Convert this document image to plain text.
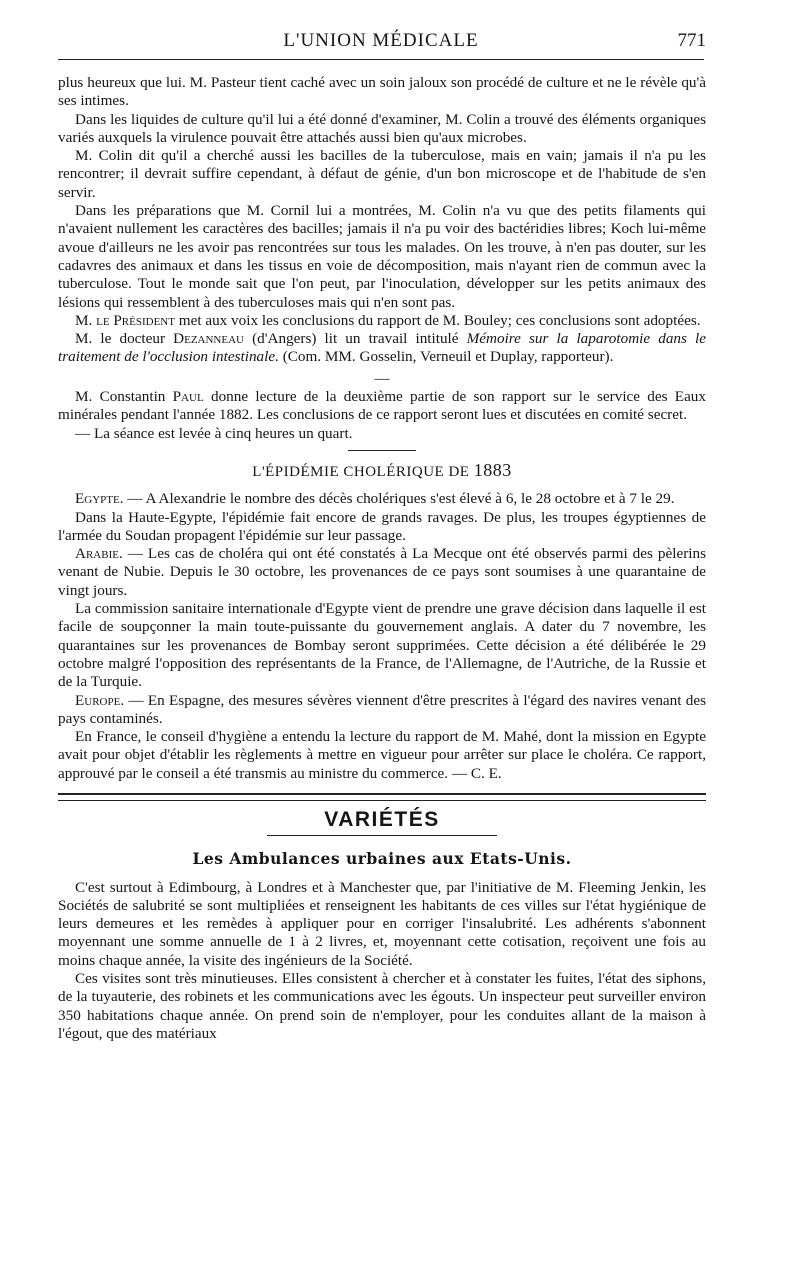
L'UNION MÉDICALE	771

plus heureux que lui. M. Pasteur tient caché avec un soin jaloux son procédé de culture et ne le révèle qu'à ses intimes.

Dans les liquides de culture qu'il lui a été donné d'examiner, M. Colin a trouvé des éléments organiques variés auxquels la virulence pouvait être attachés aussi bien qu'aux microbes.

M. Colin dit qu'il a cherché aussi les bacilles de la tuberculose, mais en vain; jamais il n'a pu les rencontrer; il devrait suffire cependant, à défaut de génie, d'un bon microscope et de l'habitude de s'en servir.

Dans les préparations que M. Cornil lui a montrées, M. Colin n'a vu que des petits filaments qui n'avaient nullement les caractères des bacilles; jamais il n'a pu voir des bactéridies libres; Koch lui-même avoue d'ailleurs ne les avoir pas rencontrées sur tous les malades. On les trouve, à n'en pas douter, sur les cadavres des animaux et dans les tissus en voie de décomposition, mais n'ayant rien de commun avec la tuberculose. Tout le monde sait que l'on peut, par l'inoculation, développer sur les petits animaux des lésions qui ressemblent à des tuberculoses mais qui n'en sont pas.

M. le Président met aux voix les conclusions du rapport de M. Bouley; ces conclusions sont adoptées.

M. le docteur Dezanneau (d'Angers) lit un travail intitulé Mémoire sur la laparotomie dans le traitement de l'occlusion intestinale. (Com. MM. Gosselin, Verneuil et Duplay, rapporteur).

—

M. Constantin Paul donne lecture de la deuxième partie de son rapport sur le service des Eaux minérales pendant l'année 1882. Les conclusions de ce rapport seront lues et discutées en comité secret.

— La séance est levée à cinq heures un quart.

L'ÉPIDÉMIE CHOLÉRIQUE DE 1883

Egypte. — A Alexandrie le nombre des décès cholériques s'est élevé à 6, le 28 octobre et à 7 le 29.

Dans la Haute-Egypte, l'épidémie fait encore de grands ravages. De plus, les troupes égyptiennes de l'armée du Soudan propagent l'épidémie sur leur passage.

Arabie. — Les cas de choléra qui ont été constatés à La Mecque ont été observés parmi des pèlerins venant de Nubie. Depuis le 30 octobre, les provenances de ce pays sont soumises à une quarantaine de vingt jours.

La commission sanitaire internationale d'Egypte vient de prendre une grave décision dans laquelle il est facile de soupçonner la main toute-puissante du gouvernement anglais. A dater du 7 novembre, les quarantaines sur les provenances de Bombay seront supprimées. Cette décision a été délibérée le 29 octobre malgré l'opposition des représentants de la France, de l'Allemagne, de l'Autriche, de la Russie et de la Turquie.

Europe. — En Espagne, des mesures sévères viennent d'être prescrites à l'égard des navires venant des pays contaminés.

En France, le conseil d'hygiène a entendu la lecture du rapport de M. Mahé, dont la mission en Egypte avait pour objet d'établir les règlements à mettre en vigueur pour arrêter sur place le choléra. Ce rapport, approuvé par le conseil a été transmis au ministre du commerce. — C. E.

VARIÉTÉS
Les Ambulances urbaines aux Etats-Unis.

C'est surtout à Edimbourg, à Londres et à Manchester que, par l'initiative de M. Fleeming Jenkin, les Sociétés de salubrité se sont multipliées et renseignent les habitants de ces villes sur l'état hygiénique de leurs demeures et les remèdes à appliquer pour en corriger l'insalubrité. Les adhérents s'abonnent moyennant une somme annuelle de 1 à 2 livres, et, moyennant cette cotisation, reçoivent une fois au moins chaque année, la visite des ingénieurs de la Société.

Ces visites sont très minutieuses. Elles consistent à chercher et à constater les fuites, l'état des siphons, de la tuyauterie, des robinets et les communications avec les égouts. Un inspecteur peut surveiller environ 350 habitations chaque année. On prend soin de n'employer, pour les conduites allant de la maison à l'égout, que des matériaux
